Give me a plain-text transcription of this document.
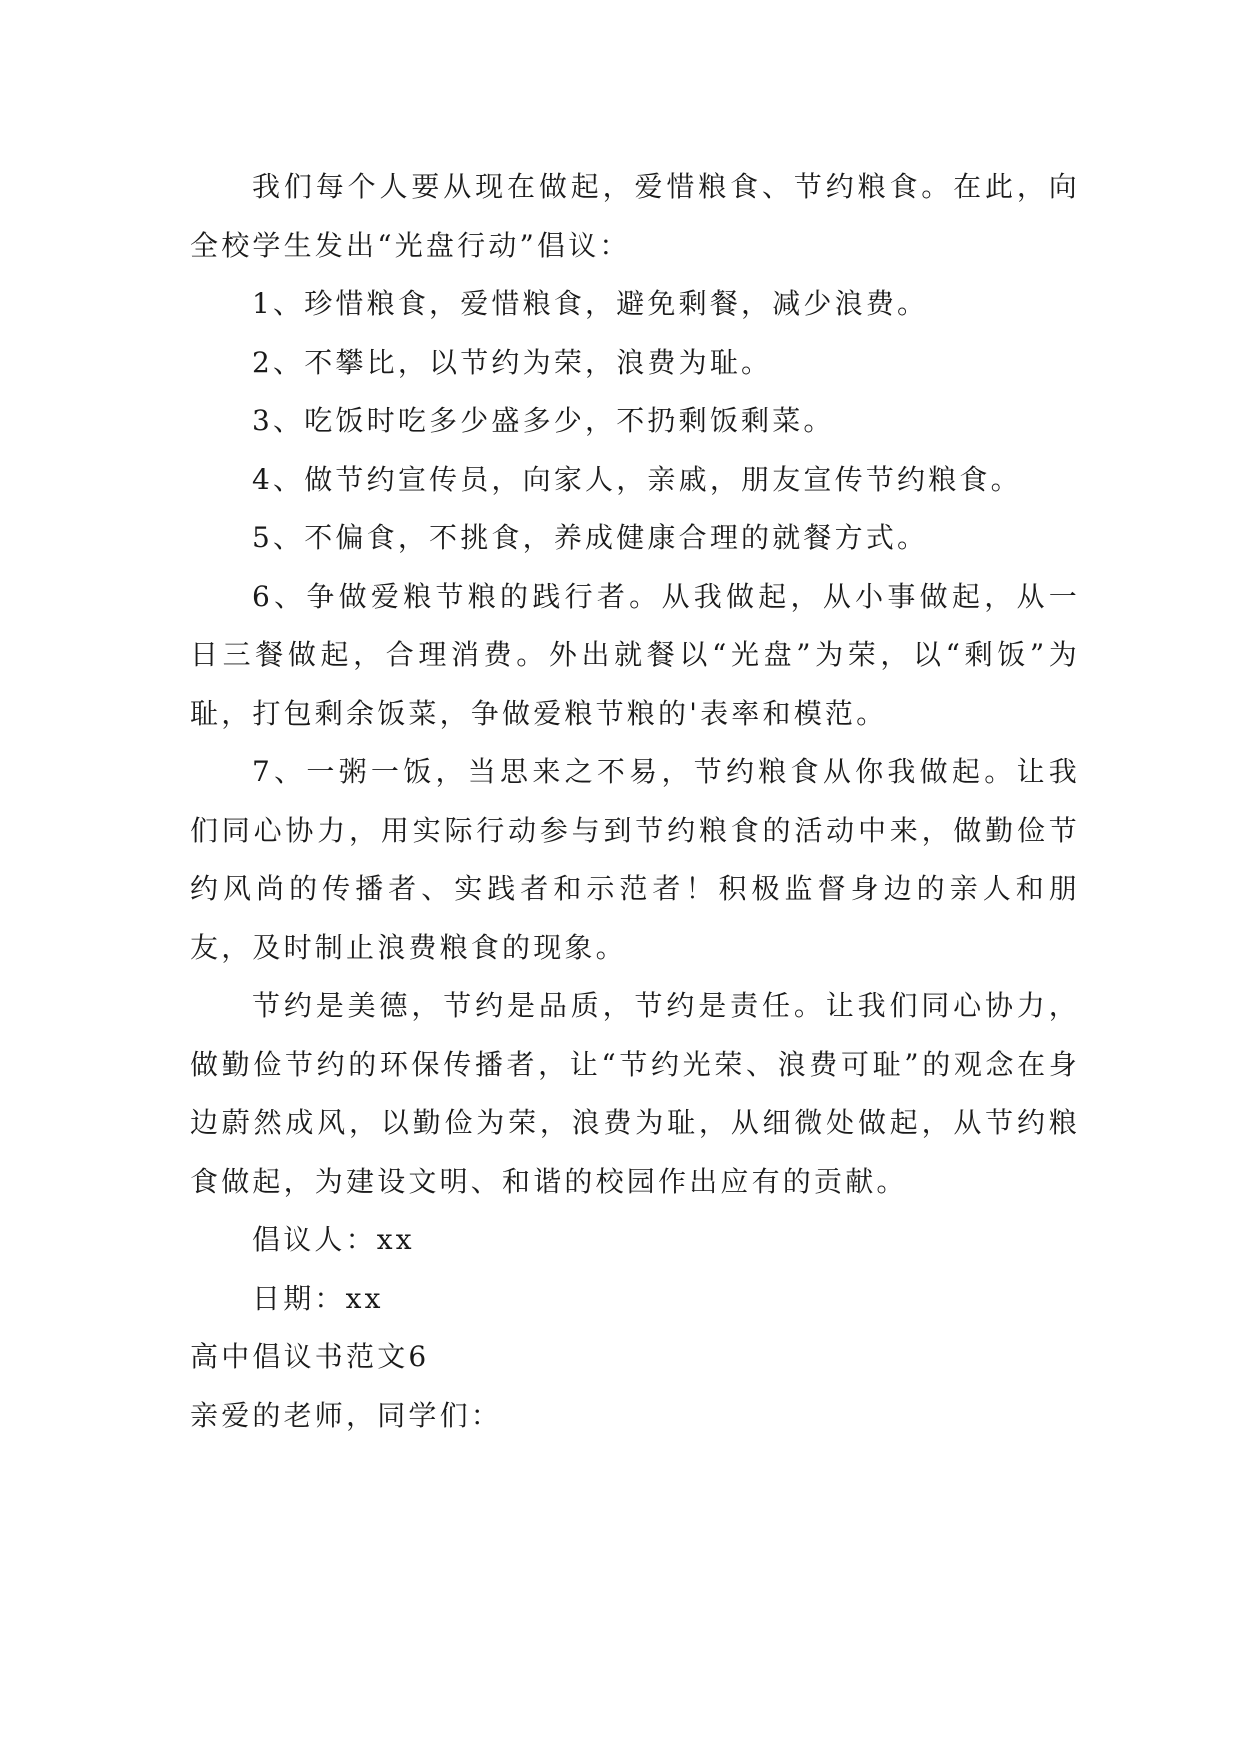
我们每个人要从现在做起，爱惜粮食、节约粮食。在此，向全校学生发出“光盘行动”倡议：

1、珍惜粮食，爱惜粮食，避免剩餐，减少浪费。

2、不攀比，以节约为荣，浪费为耻。

3、吃饭时吃多少盛多少，不扔剩饭剩菜。

4、做节约宣传员，向家人，亲戚，朋友宣传节约粮食。

5、不偏食，不挑食，养成健康合理的就餐方式。

6、争做爱粮节粮的践行者。从我做起，从小事做起，从一日三餐做起，合理消费。外出就餐以“光盘”为荣，以“剩饭”为耻，打包剩余饭菜，争做爱粮节粮的'表率和模范。

7、一粥一饭，当思来之不易，节约粮食从你我做起。让我们同心协力，用实际行动参与到节约粮食的活动中来，做勤俭节约风尚的传播者、实践者和示范者！积极监督身边的亲人和朋友，及时制止浪费粮食的现象。

节约是美德，节约是品质，节约是责任。让我们同心协力，做勤俭节约的环保传播者，让“节约光荣、浪费可耻”的观念在身边蔚然成风，以勤俭为荣，浪费为耻，从细微处做起，从节约粮食做起，为建设文明、和谐的校园作出应有的贡献。

倡议人：xx

日期：xx

高中倡议书范文6

亲爱的老师，同学们：
